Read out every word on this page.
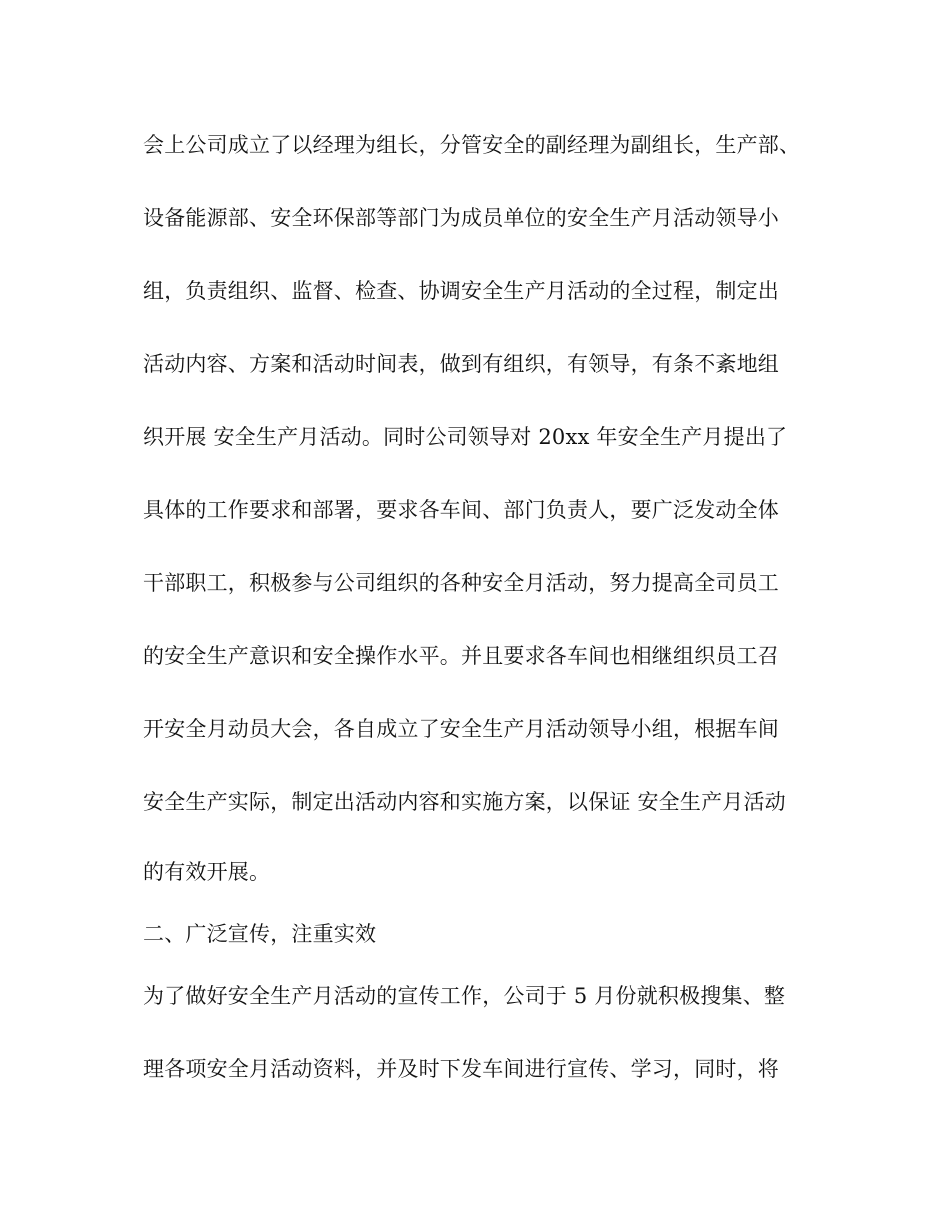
会上公司成立了以经理为组长，分管安全的副经理为副组长，生产部、
设备能源部、安全环保部等部门为成员单位的安全生产月活动领导小
组，负责组织、监督、检查、协调安全生产月活动的全过程，制定出
活动内容、方案和活动时间表，做到有组织，有领导，有条不紊地组
织开展 安全生产月活动。同时公司领导对 20xx 年安全生产月提出了
具体的工作要求和部署，要求各车间、部门负责人，要广泛发动全体
干部职工，积极参与公司组织的各种安全月活动，努力提高全司员工
的安全生产意识和安全操作水平。并且要求各车间也相继组织员工召
开安全月动员大会，各自成立了安全生产月活动领导小组，根据车间
安全生产实际，制定出活动内容和实施方案，以保证 安全生产月活动
的有效开展。
二、广泛宣传，注重实效
为了做好安全生产月活动的宣传工作，公司于 5 月份就积极搜集、整
理各项安全月活动资料，并及时下发车间进行宣传、学习，同时，将
